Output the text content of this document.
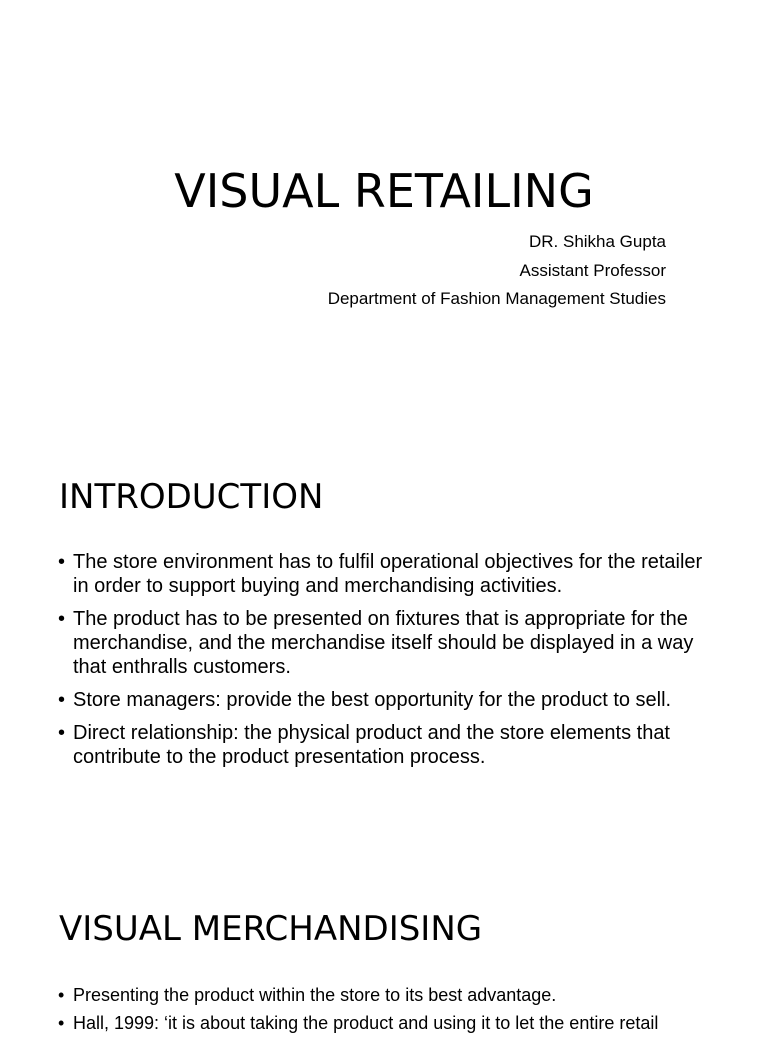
VISUAL RETAILING
DR. Shikha Gupta
Assistant Professor
Department of Fashion Management Studies
INTRODUCTION
• The store environment has to fulfil operational objectives for the retailer in order to support buying and merchandising activities.
• The product has to be presented on fixtures that is appropriate for the merchandise, and the merchandise itself should be displayed in a way that enthralls customers.
• Store managers: provide the best opportunity for the product to sell.
• Direct relationship: the physical product and the store elements that contribute to the product presentation process.
VISUAL MERCHANDISING
• Presenting the product within the store to its best advantage.
• Hall, 1999: ‘it is about taking the product and using it to let the entire retail
